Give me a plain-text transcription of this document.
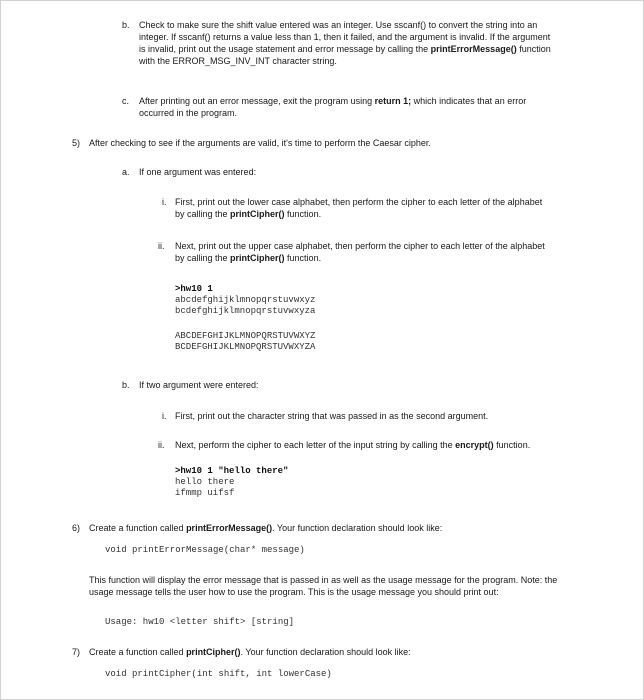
b. Check to make sure the shift value entered was an integer. Use sscanf() to convert the string into an
integer. If sscanf() returns a value less than 1, then it failed, and the argument is invalid. If the argument
is invalid, print out the usage statement and error message by calling the printErrorMessage() function
with the ERROR_MSG_INV_INT character string.
c. After printing out an error message, exit the program using return 1; which indicates that an error
occurred in the program.
5) After checking to see if the arguments are valid, it's time to perform the Caesar cipher.
a. If one argument was entered:
i. First, print out the lower case alphabet, then perform the cipher to each letter of the alphabet
by calling the printCipher() function.
ii. Next, print out the upper case alphabet, then perform the cipher to each letter of the alphabet
by calling the printCipher() function.
>hw10 1
abcdefghijklmnopqrstuvwxyz
bcdefghijklmnopqrstuvwxyza
ABCDEFGHIJKLMNOPQRSTUVWXYZ
BCDEFGHIJKLMNOPQRSTUVWXYZA
b. If two argument were entered:
i. First, print out the character string that was passed in as the second argument.
ii. Next, perform the cipher to each letter of the input string by calling the encrypt() function.
>hw10 1 "hello there"
hello there
ifmmp uifsf
6) Create a function called printErrorMessage(). Your function declaration should look like:
void printErrorMessage(char* message)
This function will display the error message that is passed in as well as the usage message for the program. Note: the
usage message tells the user how to use the program. This is the usage message you should print out:
Usage: hw10 <letter shift> [string]
7) Create a function called printCipher(). Your function declaration should look like:
void printCipher(int shift, int lowerCase)
